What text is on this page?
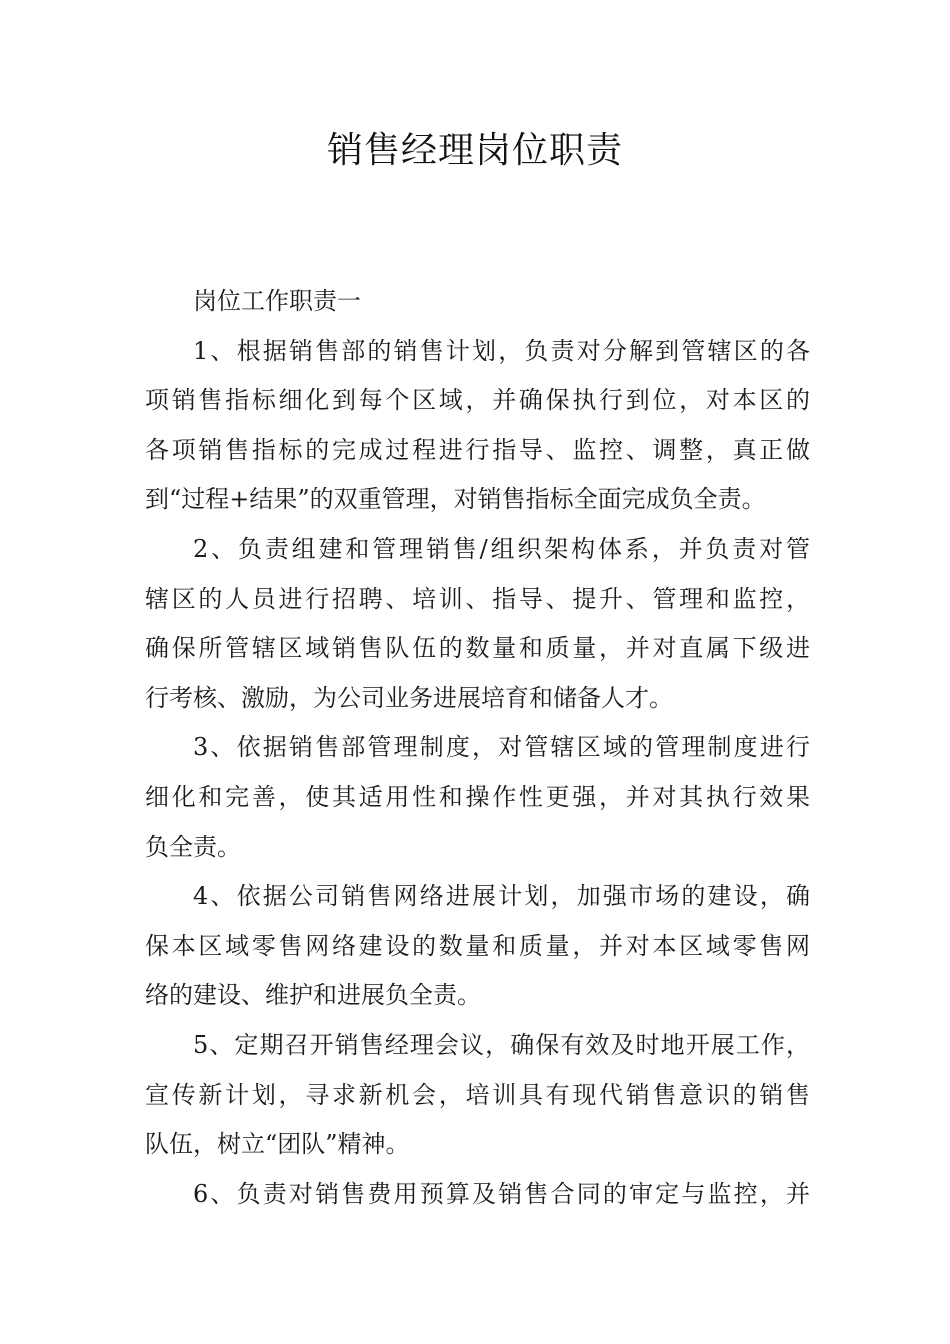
销售经理岗位职责
岗位工作职责一
1、根据销售部的销售计划，负责对分解到管辖区的各
项销售指标细化到每个区域，并确保执行到位，对本区的
各项销售指标的完成过程进行指导、监控、调整，真正做
到“过程+结果”的双重管理，对销售指标全面完成负全责。
2、负责组建和管理销售/组织架构体系，并负责对管
辖区的人员进行招聘、培训、指导、提升、管理和监控，
确保所管辖区域销售队伍的数量和质量，并对直属下级进
行考核、激励，为公司业务进展培育和储备人才。
3、依据销售部管理制度，对管辖区域的管理制度进行
细化和完善，使其适用性和操作性更强，并对其执行效果
负全责。
4、依据公司销售网络进展计划，加强市场的建设，确
保本区域零售网络建设的数量和质量，并对本区域零售网
络的建设、维护和进展负全责。
5、定期召开销售经理会议，确保有效及时地开展工作，
宣传新计划，寻求新机会，培训具有现代销售意识的销售
队伍，树立“团队”精神。
6、负责对销售费用预算及销售合同的审定与监控，并
